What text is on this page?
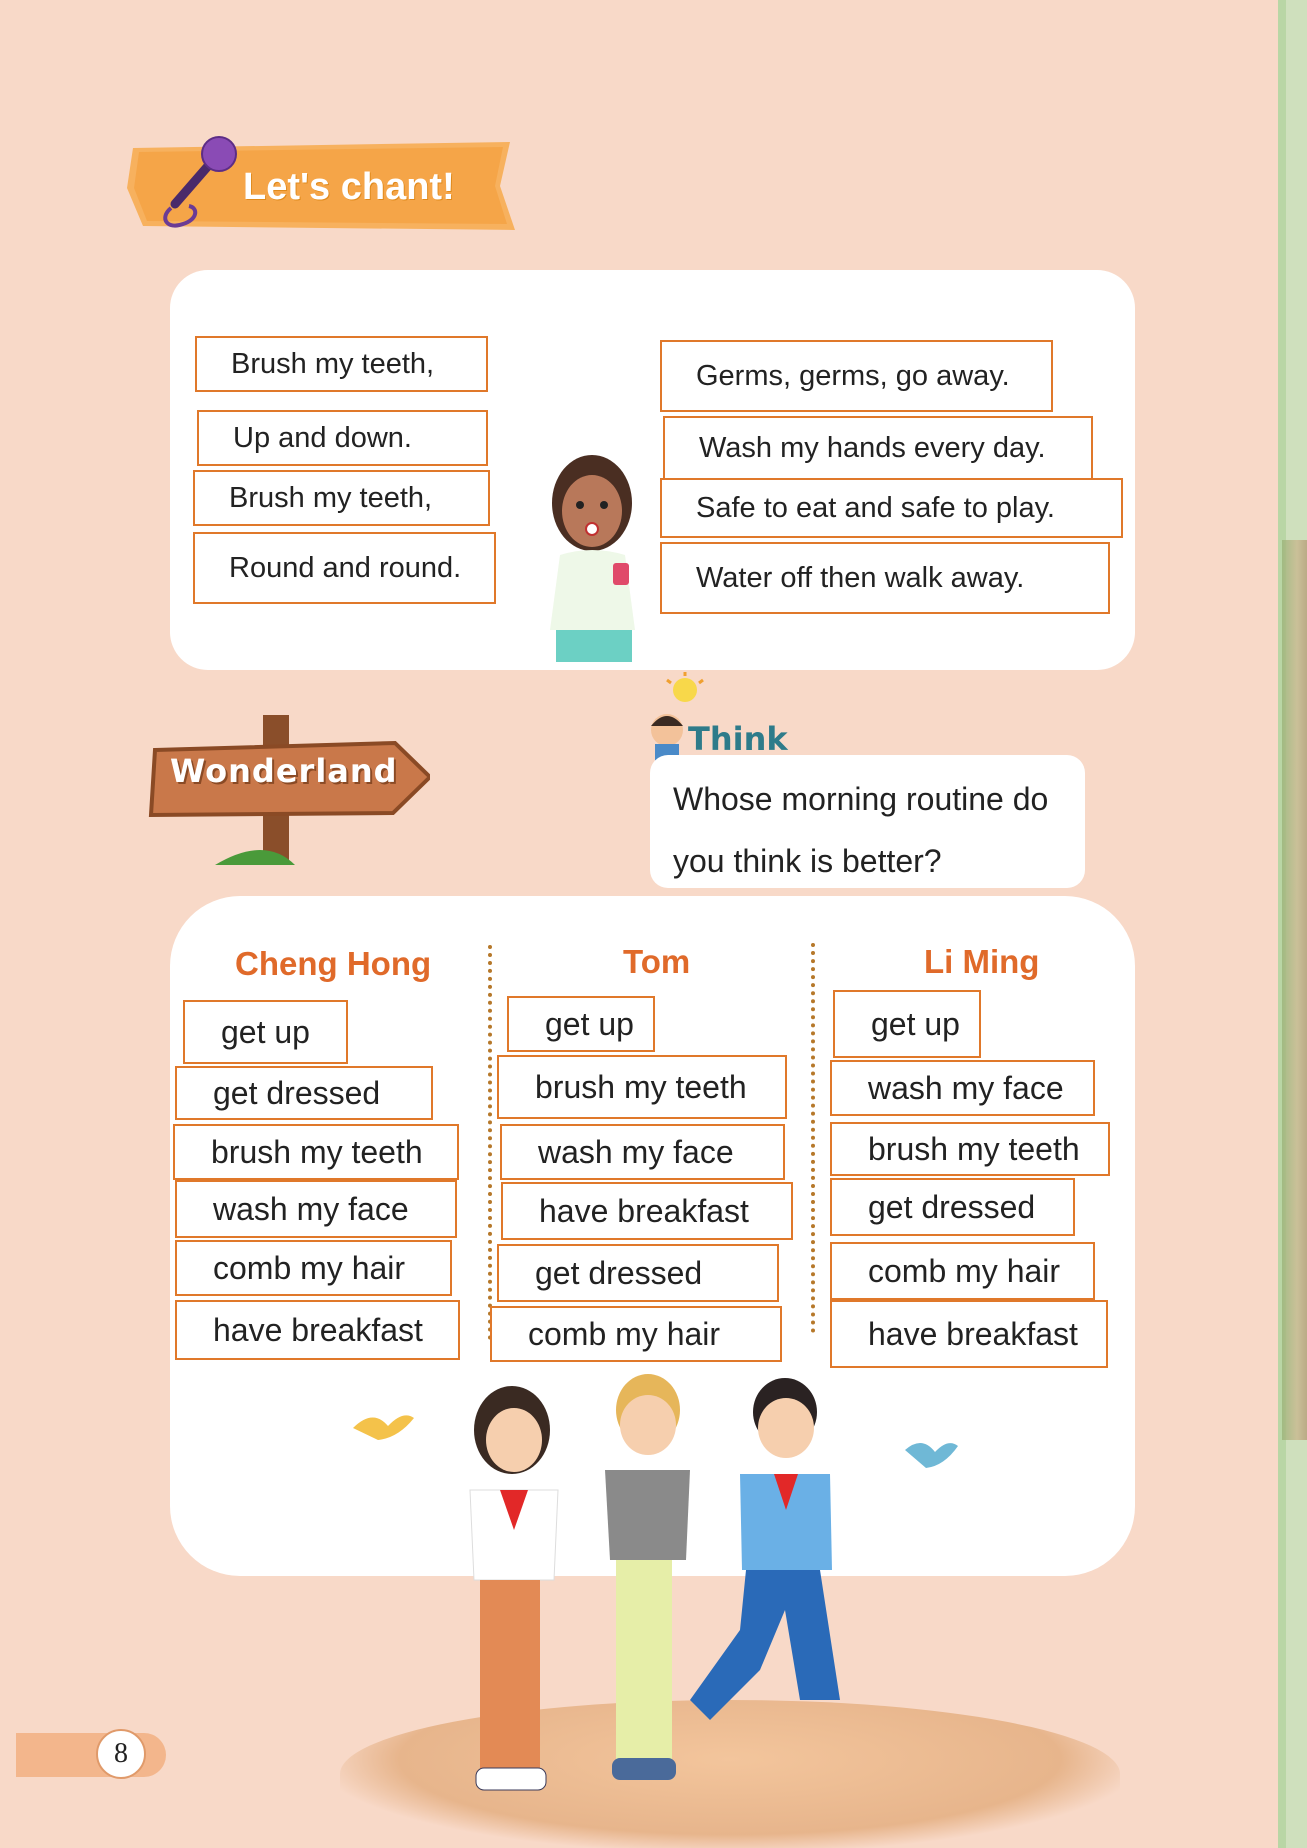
Let's chant!
Brush my teeth,
Up and down.
Brush my teeth,
Round and round.
Germs, germs, go away.
Wash my hands every day.
Safe to eat and safe to play.
Water off then walk away.
Wonderland
Think
Whose morning routine do you think is better?
Cheng Hong	Tom	Li Ming
get up
get dressed
brush my teeth
wash my face
comb my hair
have breakfast
get up
brush my teeth
wash my face
have breakfast
get dressed
comb my hair
get up
wash my face
brush my teeth
get dressed
comb my hair
have breakfast
8
